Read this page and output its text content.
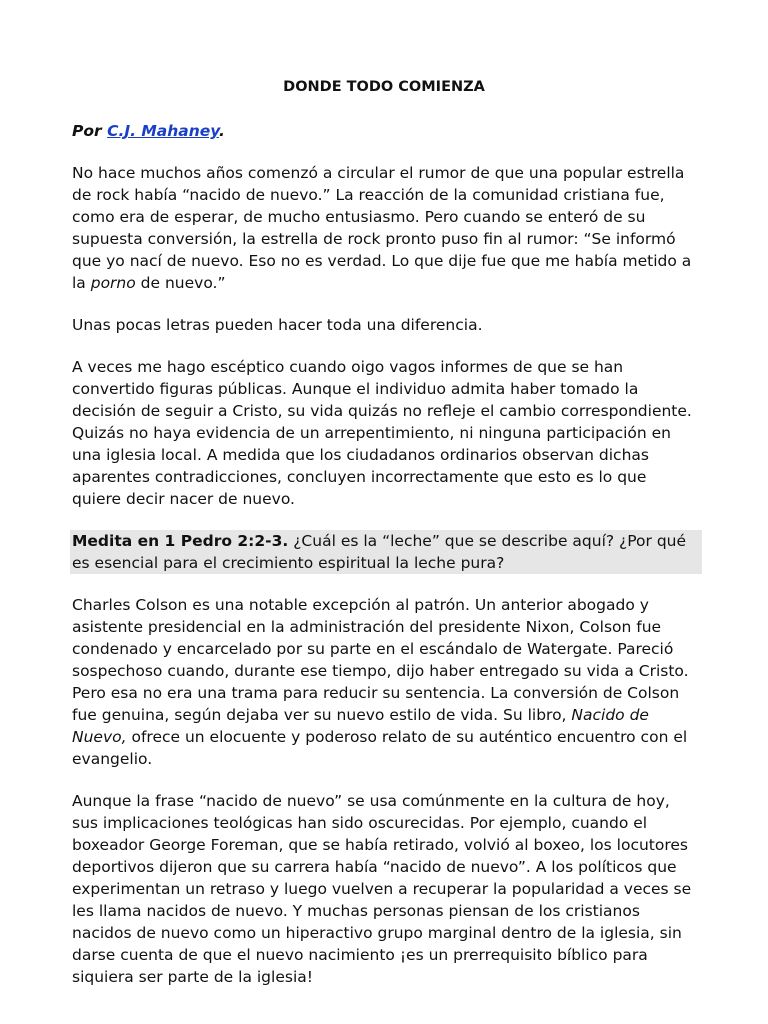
DONDE TODO COMIENZA
Por C.J. Mahaney.

No hace muchos años comenzó a circular el rumor de que una popular estrella de rock había “nacido de nuevo.” La reacción de la comunidad cristiana fue, como era de esperar, de mucho entusiasmo. Pero cuando se enteró de su supuesta conversión, la estrella de rock pronto puso fin al rumor: “Se informó que yo nací de nuevo. Eso no es verdad. Lo que dije fue que me había metido a la porno de nuevo.”

Unas pocas letras pueden hacer toda una diferencia.

A veces me hago escéptico cuando oigo vagos informes de que se han convertido figuras públicas. Aunque el individuo admita haber tomado la decisión de seguir a Cristo, su vida quizás no refleje el cambio correspondiente. Quizás no haya evidencia de un arrepentimiento, ni ninguna participación en una iglesia local. A medida que los ciudadanos ordinarios observan dichas aparentes contradicciones, concluyen incorrectamente que esto es lo que quiere decir nacer de nuevo.

Medita en 1 Pedro 2:2-3. ¿Cuál es la “leche” que se describe aquí? ¿Por qué es esencial para el crecimiento espiritual la leche pura?

Charles Colson es una notable excepción al patrón. Un anterior abogado y asistente presidencial en la administración del presidente Nixon, Colson fue condenado y encarcelado por su parte en el escándalo de Watergate. Pareció sospechoso cuando, durante ese tiempo, dijo haber entregado su vida a Cristo. Pero esa no era una trama para reducir su sentencia. La conversión de Colson fue genuina, según dejaba ver su nuevo estilo de vida. Su libro, Nacido de Nuevo, ofrece un elocuente y poderoso relato de su auténtico encuentro con el evangelio.

Aunque la frase “nacido de nuevo” se usa comúnmente en la cultura de hoy, sus implicaciones teológicas han sido oscurecidas. Por ejemplo, cuando el boxeador George Foreman, que se había retirado, volvió al boxeo, los locutores deportivos dijeron que su carrera había “nacido de nuevo”. A los políticos que experimentan un retraso y luego vuelven a recuperar la popularidad a veces se les llama nacidos de nuevo. Y muchas personas piensan de los cristianos nacidos de nuevo como un hiperactivo grupo marginal dentro de la iglesia, sin darse cuenta de que el nuevo nacimiento ¡es un prerrequisito bíblico para siquiera ser parte de la iglesia!
